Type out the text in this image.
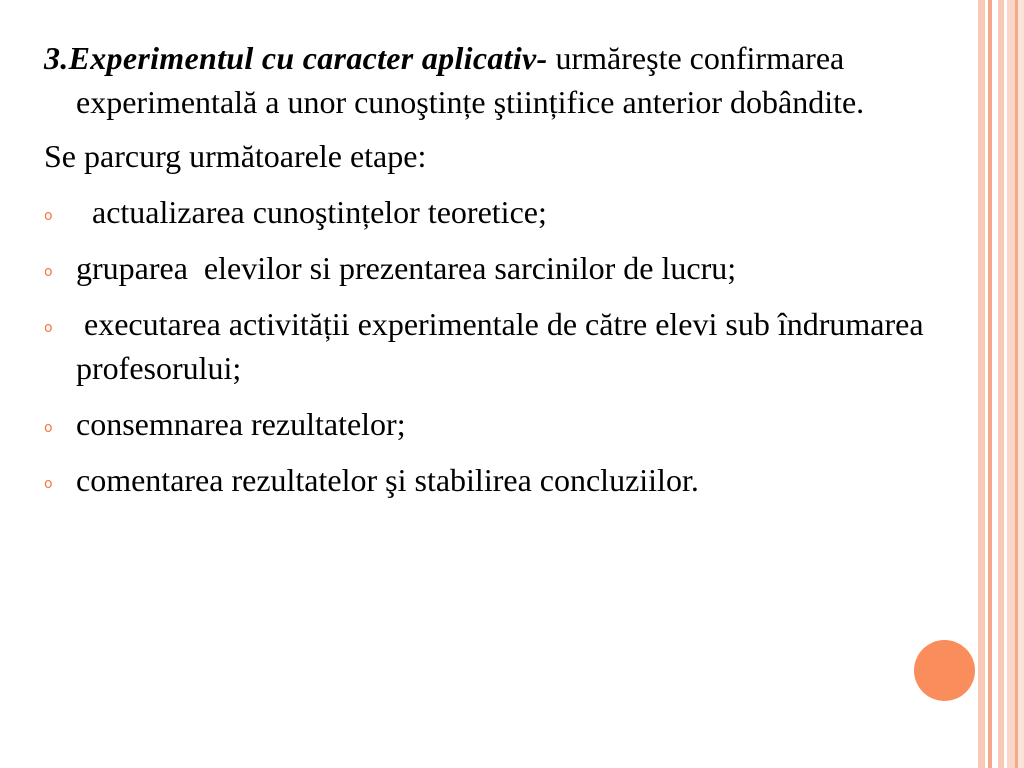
3.Experimentul cu caracter aplicativ- urmăreşte confirmarea experimentală a unor cunoştințe ştiințifice anterior dobândite.

Se parcurg următoarele etape:

o actualizarea cunoştințelor teoretice;
o gruparea  elevilor si prezentarea sarcinilor de lucru;
o executarea activității experimentale de către elevi sub îndrumarea profesorului;
o consemnarea rezultatelor;
o comentarea rezultatelor şi stabilirea concluziilor.
